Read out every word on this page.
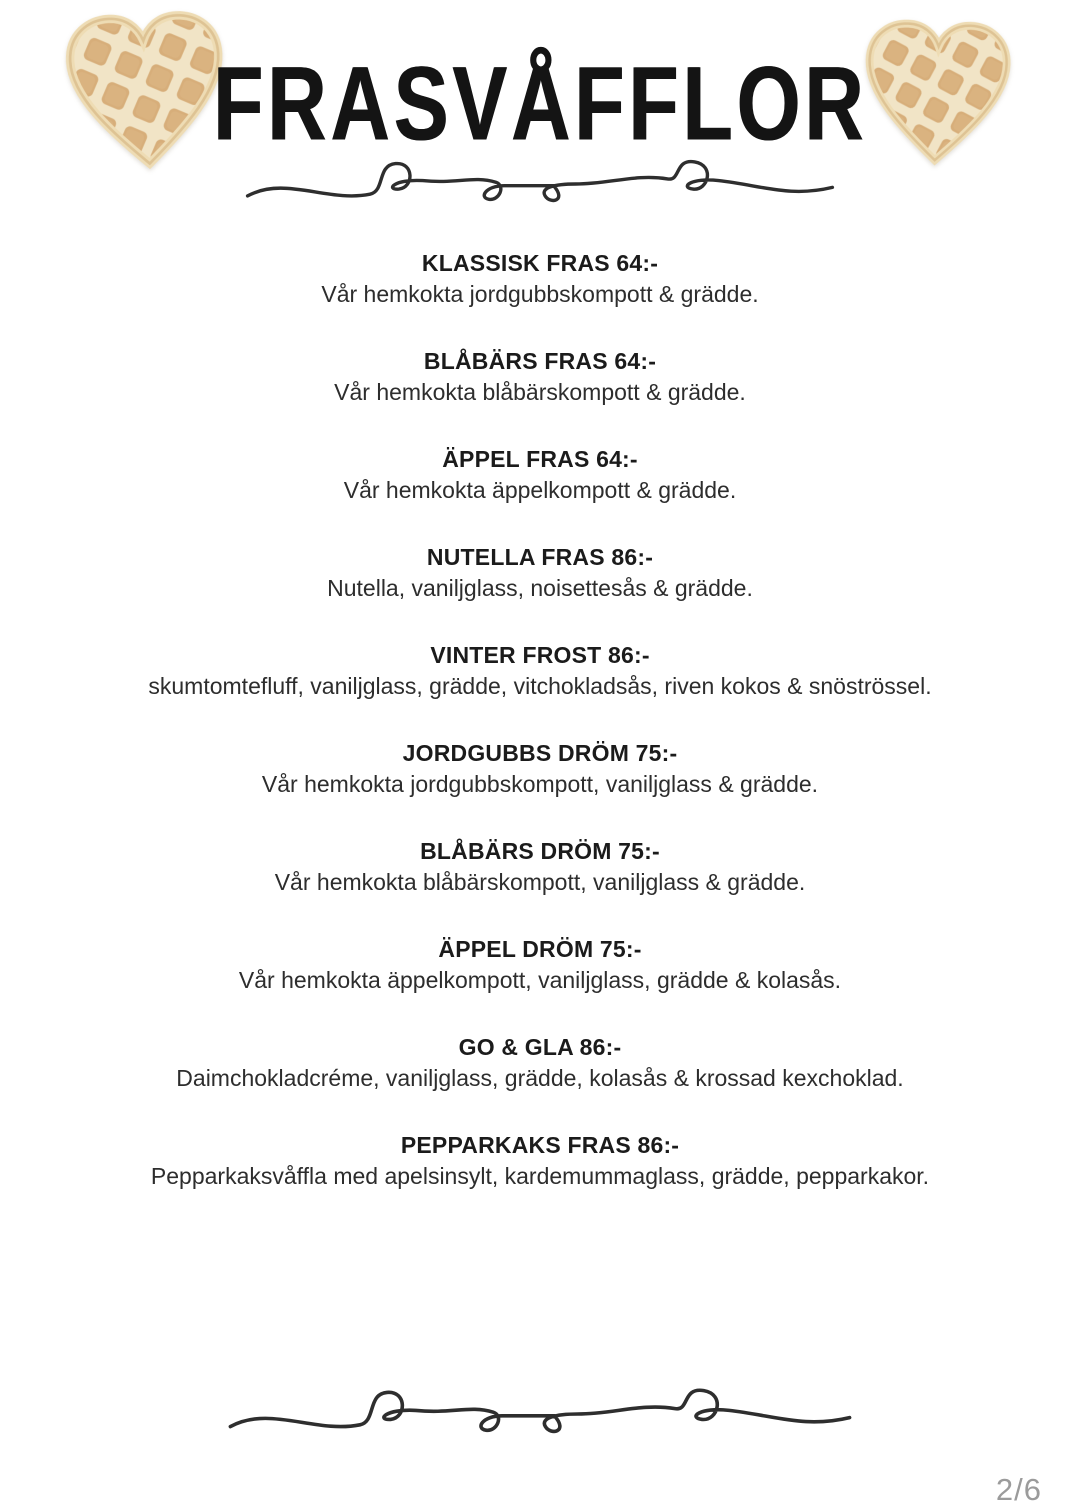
FRASVÅFFLOR
KLASSISK FRAS 64:-

Vår hemkokta jordgubbskompott & grädde.

BLÅBÄRS FRAS 64:-

Vår hemkokta blåbärskompott & grädde.

ÄPPEL FRAS 64:-

Vår hemkokta äppelkompott & grädde.

NUTELLA FRAS 86:-

Nutella, vaniljglass, noisettesås & grädde.

VINTER FROST 86:-

skumtomtefluff, vaniljglass, grädde, vitchokladsås, riven kokos & snöströssel.

JORDGUBBS DRÖM 75:-

Vår hemkokta jordgubbskompott, vaniljglass & grädde.

BLÅBÄRS DRÖM 75:-

Vår hemkokta blåbärskompott, vaniljglass & grädde.

ÄPPEL DRÖM 75:-

Vår hemkokta äppelkompott, vaniljglass, grädde & kolasås.

GO & GLA 86:-

Daimchokladcréme, vaniljglass, grädde, kolasås & krossad kexchoklad.

PEPPARKAKS FRAS 86:-

Pepparkaksvåffla med apelsinsylt, kardemummaglass, grädde, pepparkakor.

2/6
